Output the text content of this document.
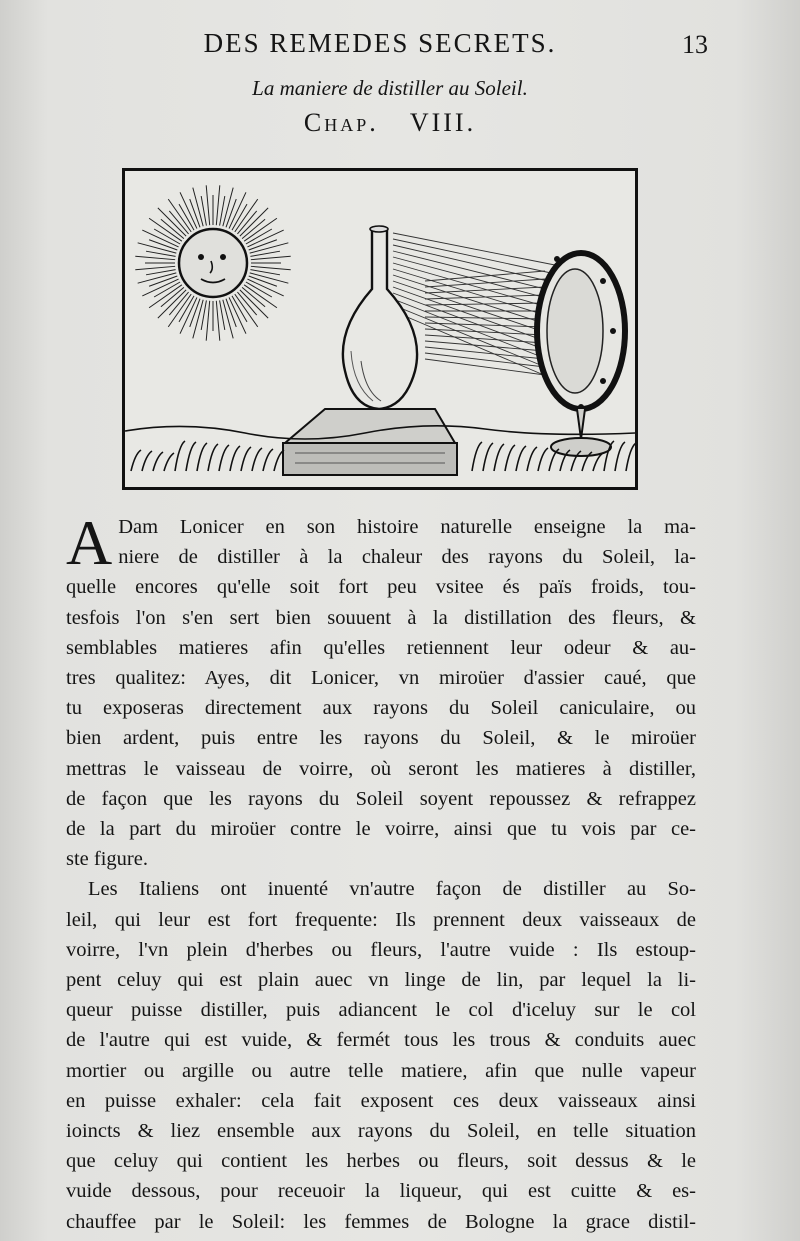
DES REMEDES SECRETS.	13
La maniere de distiller au Soleil.
Chap. VIII.
A Dam Lonicer en son histoire naturelle enseigne la ma-
niere de distiller à la chaleur des rayons du Soleil, la-
quelle encores qu'elle soit fort peu vsitee és païs froids, tou-
tesfois l'on s'en sert bien souuent à la distillation des fleurs, &
semblables matieres afin qu'elles retiennent leur odeur & au-
tres qualitez: Ayes, dit Lonicer, vn miroüer d'assier caué, que
tu exposeras directement aux rayons du Soleil caniculaire, ou
bien ardent, puis entre les rayons du Soleil, & le miroüer
mettras le vaisseau de voirre, où seront les matieres à distiller,
de façon que les rayons du Soleil soyent repoussez & refrappez
de la part du miroüer contre le voirre, ainsi que tu vois par ce-
ste figure.
Les Italiens ont inuenté vn'autre façon de distiller au So-
leil, qui leur est fort frequente: Ils prennent deux vaisseaux de
voirre, l'vn plein d'herbes ou fleurs, l'autre vuide : Ils estoup-
pent celuy qui est plain auec vn linge de lin, par lequel la li-
queur puisse distiller, puis adiancent le col d'iceluy sur le col
de l'autre qui est vuide, & fermét tous les trous & conduits auec
mortier ou argille ou autre telle matiere, afin que nulle vapeur
en puisse exhaler: cela fait exposent ces deux vaisseaux ainsi
ioincts & liez ensemble aux rayons du Soleil, en telle situation
que celuy qui contient les herbes ou fleurs, soit dessus & le
vuide dessous, pour receuoir la liqueur, qui est cuitte & es-
chauffee par le Soleil: les femmes de Bologne la grace distil-
